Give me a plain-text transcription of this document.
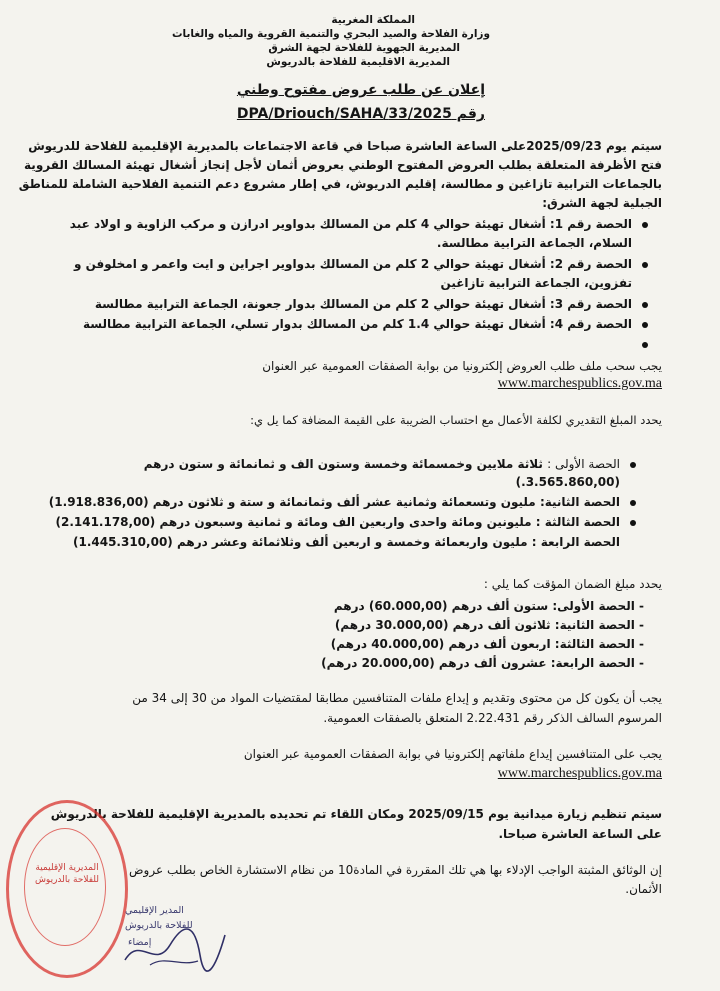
المملكة المغربية
وزارة الفلاحة والصيد البحري والتنمية القروية والمياه والغابات
المديرية الجهوية للفلاحة لجهة الشرق
المديرية الاقليمية للفلاحة بالدريوش
إعلان عن طلب عروض مفتوح وطني
رقم 33/2025/DPA/Driouch/SAHA
سيتم يوم 2025/09/23على الساعة العاشرة صباحا في قاعة الاجتماعات بالمديرية الإقليمية للفلاحة للدريوش
فتح الأظرفة المتعلقة بطلب العروض المفتوح الوطني بعروض أثمان لأجل إنجاز أشغال تهيئة المسالك القروية
بالجماعات الترابية تازاغين و مطالسة، إقليم الدريوش، في إطار مشروع دعم التنمية الفلاحية الشاملة للمناطق
الجبلية لجهة الشرق:
الحصة رقم 1: أشغال تهيئة حوالي 4 كلم من المسالك بدواوير ادرازن و مركب الزاوية و اولاد عبد
السلام، الجماعة الترابية مطالسة.
الحصة رقم 2: أشغال تهيئة حوالي 2 كلم من المسالك بدواوير اجراين و ايت واعمر و امخلوفن و
تفزوين، الجماعة الترابية تازاغين
الحصة رقم 3: أشغال تهيئة حوالي 2 كلم من المسالك بدوار جعونة، الجماعة الترابية مطالسة
الحصة رقم 4: أشغال تهيئة حوالي 1.4 كلم من المسالك بدوار تسلي، الجماعة الترابية مطالسة
يجب سحب ملف طلب العروض إلكترونيا من بوابة الصفقات العمومية عبر العنوان
www.marchespublics.gov.ma
يحدد المبلغ التقديري لكلفة الأعمال مع احتساب الضريبة على القيمة المضافة كما يل ي:
الحصة الأولى : ثلاثة ملايين وخمسمائة وخمسة وستون الف و ثمانمائة و ستون درهم
(3.565.860,00.)
الحصة الثانية: مليون وتسعمائة وثمانية عشر ألف وثمانمائة و ستة و ثلاثون درهم (1.918.836,00)
الحصة الثالثة : مليونين ومائة واحدى واربعين الف ومائة و ثمانية وسبعون درهم (2.141.178,00)
الحصة الرابعة : مليون واربعمائة وخمسة و اربعين ألف وثلاثمائة وعشر درهم (1.445.310,00)
يحدد مبلغ الضمان المؤقت كما يلي :
- الحصة الأولى: ستون ألف درهم (60.000,00) درهم
- الحصة الثانية: ثلاثون ألف درهم (30.000,00 درهم)
- الحصة الثالثة: اربعون ألف درهم (40.000,00 درهم)
- الحصة الرابعة: عشرون ألف درهم (20.000,00 درهم)
يجب أن يكون كل من محتوى وتقديم و إيداع ملفات المتنافسين مطابقا لمقتضيات المواد من 30 إلى 34 من
المرسوم السالف الذكر رقم 2.22.431 المتعلق بالصفقات العمومية.
يجب على المتنافسين إيداع ملفاتهم إلكترونيا في بوابة الصفقات العمومية عبر العنوان
www.marchespublics.gov.ma
سيتم تنظيم زيارة ميدانية يوم 2025/09/15 ومكان اللقاء تم تحديده بالمديرية الإقليمية للفلاحة بالدريوش
على الساعة العاشرة صباحا.
إن الوثائق المثبتة الواجب الإدلاء بها هي تلك المقررة في المادة10 من نظام الاستشارة الخاص بطلب عروض
الأثمان.
المديرية الإقليمية للفلاحة بالدريوش
المدير الإقليمي
للفلاحة بالدريوش
إمضاء
